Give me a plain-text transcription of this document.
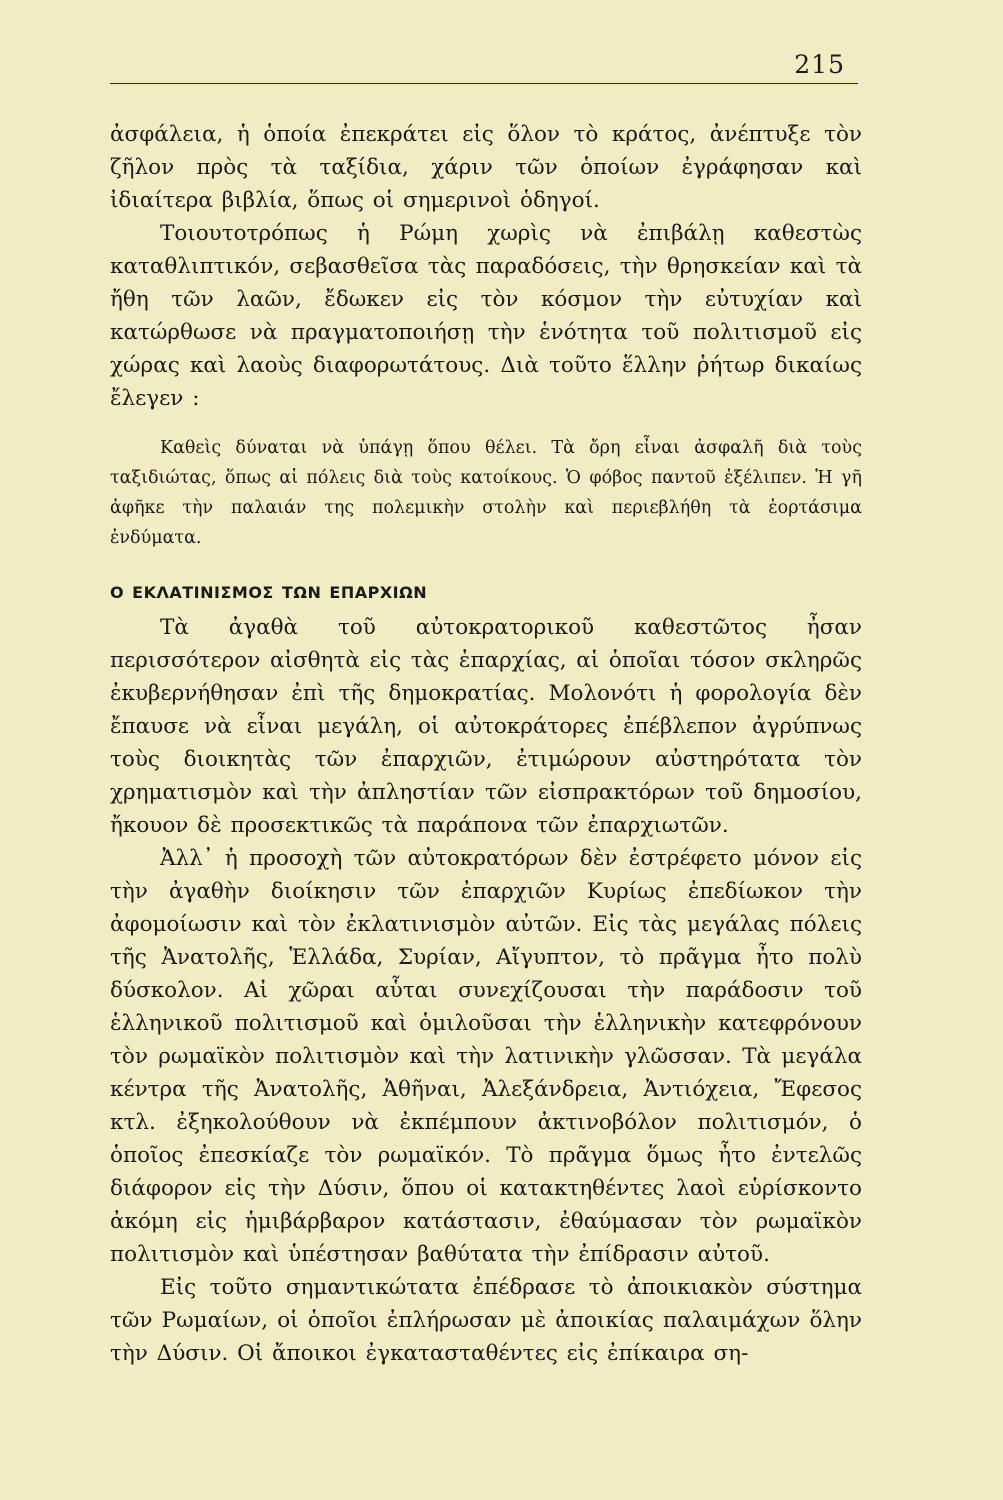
215

ἀσφάλεια, ἡ ὁποία ἐπεκράτει εἰς ὅλον τὸ κράτος, ἀνέπτυξε τὸν ζῆλον πρὸς τὰ ταξίδια, χάριν τῶν ὁποίων ἐγράφησαν καὶ ἰδιαίτερα βιβλία, ὅπως οἱ σημερινοὶ ὁδηγοί.

Τοιουτοτρόπως ἡ Ρώμη χωρὶς νὰ ἐπιβάλῃ καθεστὼς καταθλιπτικόν, σεβασθεῖσα τὰς παραδόσεις, τὴν θρησκείαν καὶ τὰ ἤθη τῶν λαῶν, ἔδωκεν εἰς τὸν κόσμον τὴν εὐτυχίαν καὶ κατώρθωσε νὰ πραγματοποιήσῃ τὴν ἑνότητα τοῦ πολιτισμοῦ εἰς χώρας καὶ λαοὺς διαφορωτάτους. Διὰ τοῦτο ἕλλην ῥήτωρ δικαίως ἔλεγεν :

Καθεὶς δύναται νὰ ὑπάγῃ ὅπου θέλει. Τὰ ὄρη εἶναι ἀσφαλῆ διὰ τοὺς ταξιδιώτας, ὅπως αἱ πόλεις διὰ τοὺς κατοίκους. Ὁ φόβος παντοῦ ἐξέλιπεν. Ἡ γῆ ἀφῆκε τὴν παλαιάν της πολεμικὴν στολὴν καὶ περιεβλήθη τὰ ἑορτάσιμα ἐνδύματα.

Ο ΕΚΛΑΤΙΝΙΣΜΟΣ ΤΩΝ ΕΠΑΡΧΙΩΝ

Τὰ ἀγαθὰ τοῦ αὐτοκρατορικοῦ καθεστῶτος ἦσαν περισσότερον αἰσθητὰ εἰς τὰς ἐπαρχίας, αἱ ὁποῖαι τόσον σκληρῶς ἐκυβερνήθησαν ἐπὶ τῆς δημοκρατίας. Μολονότι ἡ φορολογία δὲν ἔπαυσε νὰ εἶναι μεγάλη, οἱ αὐτοκράτορες ἐπέβλεπον ἀγρύπνως τοὺς διοικητὰς τῶν ἐπαρχιῶν, ἐτιμώρουν αὐστηρότατα τὸν χρηματισμὸν καὶ τὴν ἀπληστίαν τῶν εἰσπρακτόρων τοῦ δημοσίου, ἤκουον δὲ προσεκτικῶς τὰ παράπονα τῶν ἐπαρχιωτῶν.

Ἀλλ᾽ ἡ προσοχὴ τῶν αὐτοκρατόρων δὲν ἐστρέφετο μόνον εἰς τὴν ἀγαθὴν διοίκησιν τῶν ἐπαρχιῶν Κυρίως ἐπεδίωκον τὴν ἀφομοίωσιν καὶ τὸν ἐκλατινισμὸν αὐτῶν. Εἰς τὰς μεγάλας πόλεις τῆς Ἀνατολῆς, Ἑλλάδα, Συρίαν, Αἴγυπτον, τὸ πρᾶγμα ἦτο πολὺ δύσκολον. Αἱ χῶραι αὗται συνεχίζουσαι τὴν παράδοσιν τοῦ ἑλληνικοῦ πολιτισμοῦ καὶ ὁμιλοῦσαι τὴν ἑλληνικὴν κατεφρόνουν τὸν ρωμαϊκὸν πολιτισμὸν καὶ τὴν λατινικὴν γλῶσσαν. Τὰ μεγάλα κέντρα τῆς Ἀνατολῆς, Ἀθῆναι, Ἀλεξάνδρεια, Ἀντιόχεια, Ἔφεσος κτλ. ἐξηκολούθουν νὰ ἐκπέμπουν ἀκτινοβόλον πολιτισμόν, ὁ ὁποῖος ἐπεσκίαζε τὸν ρωμαϊκόν. Τὸ πρᾶγμα ὅμως ἦτο ἐντελῶς διάφορον εἰς τὴν Δύσιν, ὅπου οἱ κατακτηθέντες λαοὶ εὑρίσκοντο ἀκόμη εἰς ἡμιβάρβαρον κατάστασιν, ἐθαύμασαν τὸν ρωμαϊκὸν πολιτισμὸν καὶ ὑπέστησαν βαθύτατα τὴν ἐπίδρασιν αὐτοῦ.

Εἰς τοῦτο σημαντικώτατα ἐπέδρασε τὸ ἀποικιακὸν σύστημα τῶν Ρωμαίων, οἱ ὁποῖοι ἐπλήρωσαν μὲ ἀποικίας παλαιμάχων ὅλην τὴν Δύσιν. Οἱ ἄποικοι ἐγκατασταθέντες εἰς ἐπίκαιρα ση-
